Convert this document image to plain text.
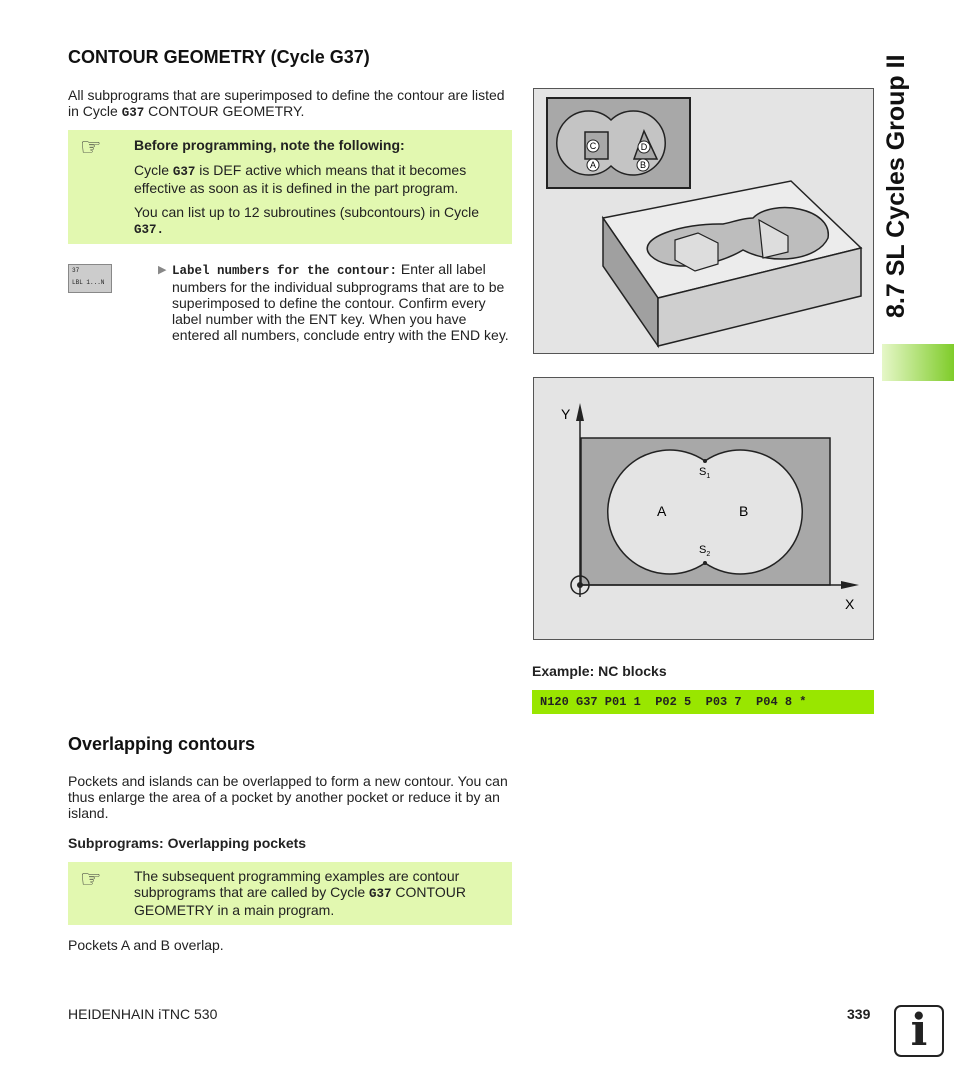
CONTOUR GEOMETRY (Cycle G37)

All subprograms that are superimposed to define the contour are listed in Cycle G37 CONTOUR GEOMETRY.

☞ Before programming, note the following:

Cycle G37 is DEF active which means that it becomes effective as soon as it is defined in the part program.

You can list up to 12 subroutines (subcontours) in Cycle G37.

37
LBL 1...N
▶ Label numbers for the contour: Enter all label numbers for the individual subprograms that are to be superimposed to define the contour. Confirm every label number with the ENT key. When you have entered all numbers, conclude entry with the END key.

C	D
A	B
Y
X
A	B
$S_1$
$S_2$

Example: NC blocks

N120 G37 P01 1  P02 5  P03 7  P04 8 *
Overlapping contours

Pockets and islands can be overlapped to form a new contour. You can thus enlarge the area of a pocket by another pocket or reduce it by an island.

Subprograms: Overlapping pockets

☞ The subsequent programming examples are contour subprograms that are called by Cycle G37 CONTOUR GEOMETRY in a main program.

Pockets A and B overlap.

8.7 SL Cycles Group II

HEIDENHAIN iTNC 530	339 i
